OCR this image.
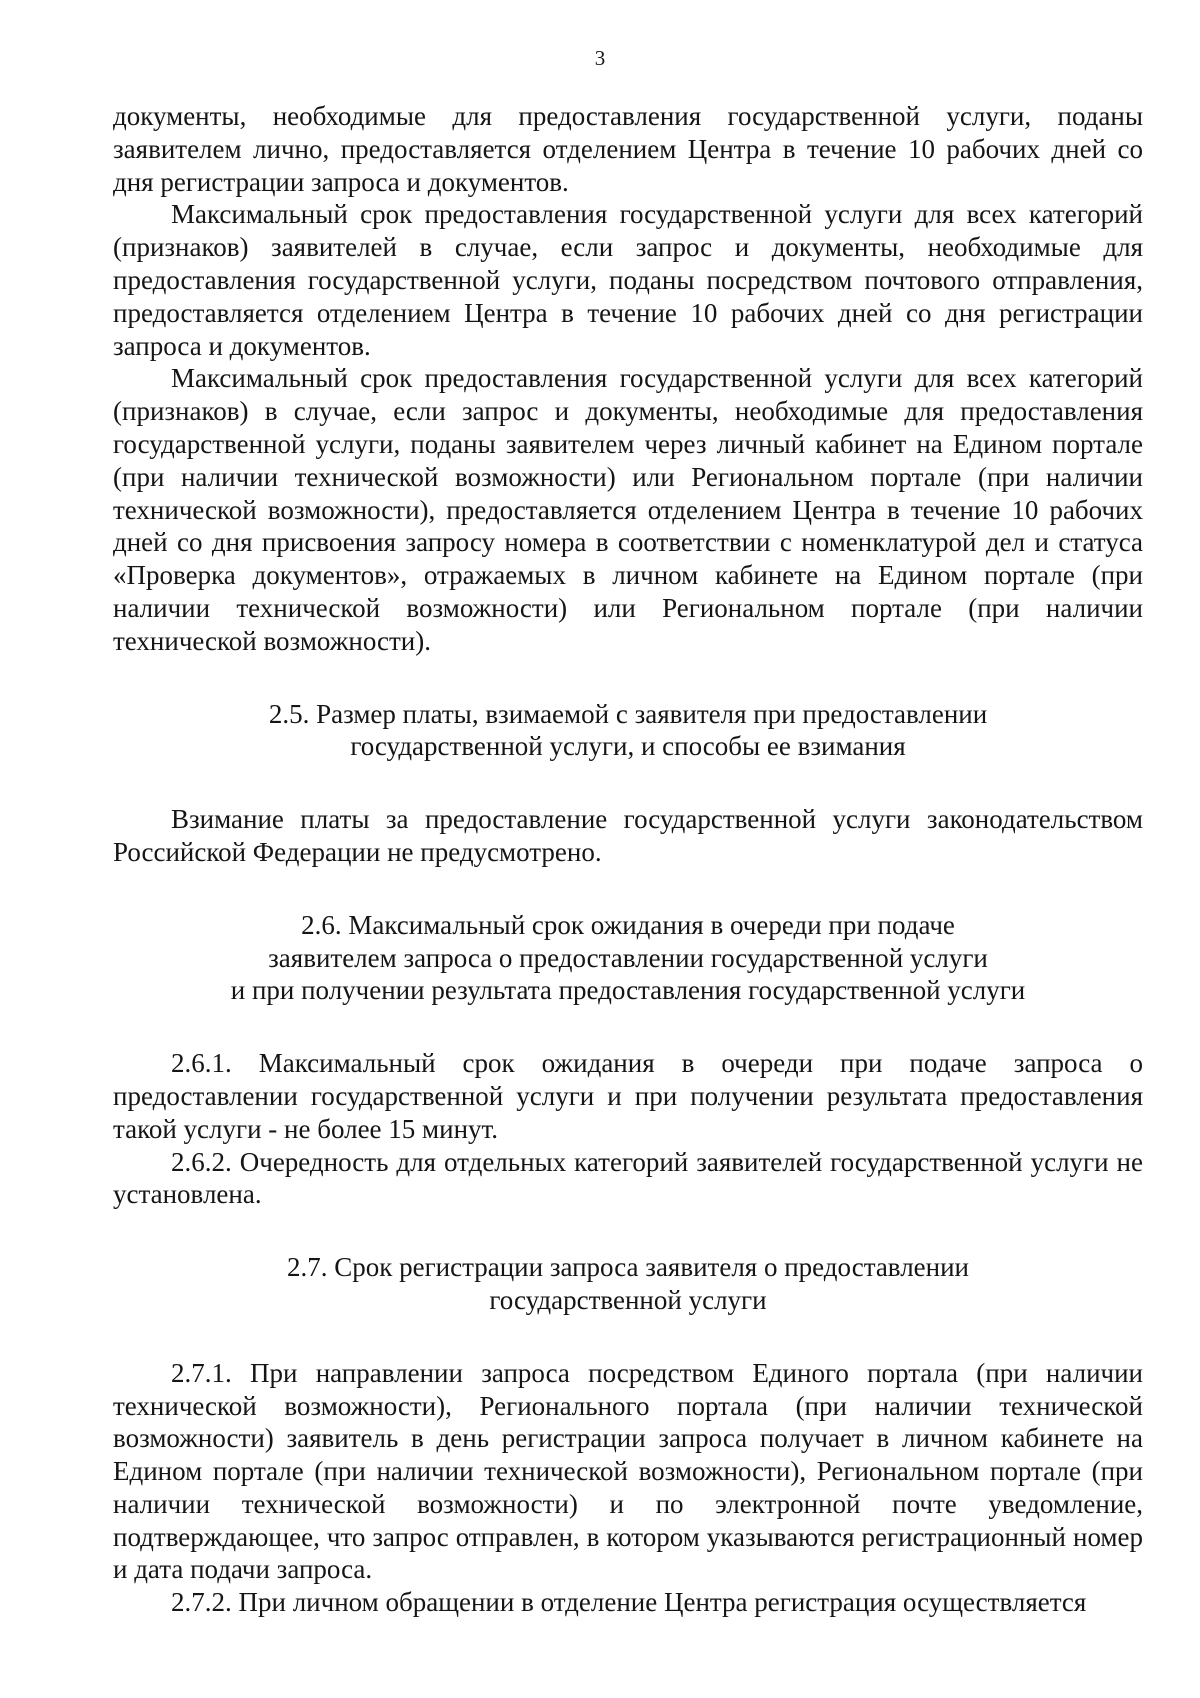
3

документы, необходимые для предоставления государственной услуги, поданы заявителем лично, предоставляется отделением Центра в течение 10 рабочих дней со дня регистрации запроса и документов.

Максимальный срок предоставления государственной услуги для всех категорий (признаков) заявителей в случае, если запрос и документы, необходимые для предоставления государственной услуги, поданы посредством почтового отправления, предоставляется отделением Центра в течение 10 рабочих дней со дня регистрации запроса и документов.

Максимальный срок предоставления государственной услуги для всех категорий (признаков) в случае, если запрос и документы, необходимые для предоставления государственной услуги, поданы заявителем через личный кабинет на Едином портале (при наличии технической возможности) или Региональном портале (при наличии технической возможности), предоставляется отделением Центра в течение 10 рабочих дней со дня присвоения запросу номера в соответствии с номенклатурой дел и статуса «Проверка документов», отражаемых в личном кабинете на Едином портале (при наличии технической возможности) или Региональном портале (при наличии технической возможности).

2.5. Размер платы, взимаемой с заявителя при предоставлении
государственной услуги, и способы ее взимания

Взимание платы за предоставление государственной услуги законодательством Российской Федерации не предусмотрено.

2.6. Максимальный срок ожидания в очереди при подаче
заявителем запроса о предоставлении государственной услуги
и при получении результата предоставления государственной услуги

2.6.1. Максимальный срок ожидания в очереди при подаче запроса о предоставлении государственной услуги и при получении результата предоставления такой услуги - не более 15 минут.

2.6.2. Очередность для отдельных категорий заявителей государственной услуги не установлена.

2.7. Срок регистрации запроса заявителя о предоставлении
государственной услуги

2.7.1. При направлении запроса посредством Единого портала (при наличии технической возможности), Регионального портала (при наличии технической возможности) заявитель в день регистрации запроса получает в личном кабинете на Едином портале (при наличии технической возможности), Региональном портале (при наличии технической возможности) и по электронной почте уведомление, подтверждающее, что запрос отправлен, в котором указываются регистрационный номер и дата подачи запроса.

2.7.2. При личном обращении в отделение Центра регистрация осуществляется
